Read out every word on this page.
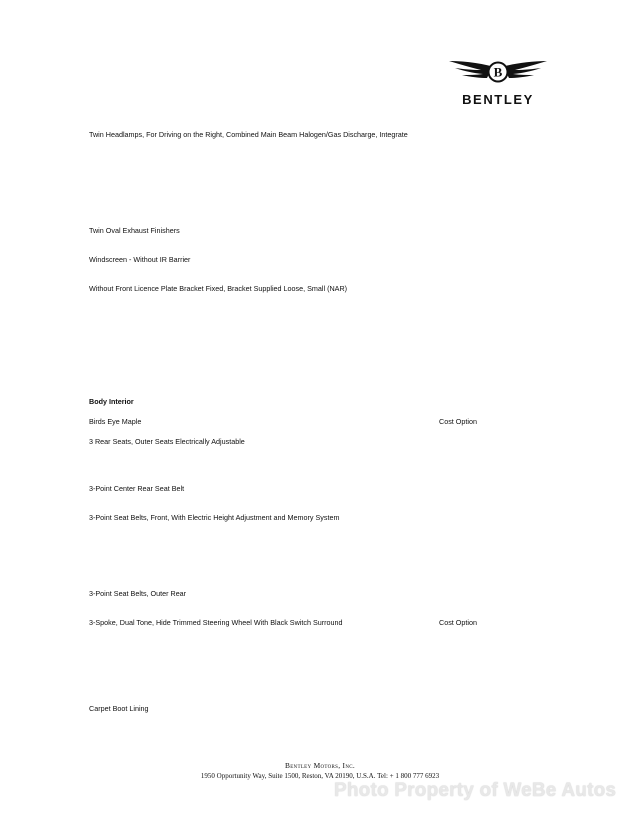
B
BENTLEY
Twin Headlamps, For Driving on the Right, Combined Main Beam Halogen/Gas Discharge, Integrate
Twin Oval Exhaust Finishers
Windscreen - Without IR Barrier
Without Front Licence Plate Bracket Fixed, Bracket Supplied Loose, Small (NAR)
Body Interior
Birds Eye Maple	Cost Option
3 Rear Seats, Outer Seats Electrically Adjustable
3-Point Center Rear Seat Belt
3-Point Seat Belts, Front, With Electric Height Adjustment and Memory System
3-Point Seat Belts, Outer Rear
3-Spoke, Dual Tone, Hide Trimmed Steering Wheel With Black Switch Surround	Cost Option
Carpet Boot Lining
Bentley Motors, Inc.
1950 Opportunity Way, Suite 1500, Reston, VA 20190, U.S.A. Tel: + 1 800 777 6923
Photo Property of WeBe Autos
